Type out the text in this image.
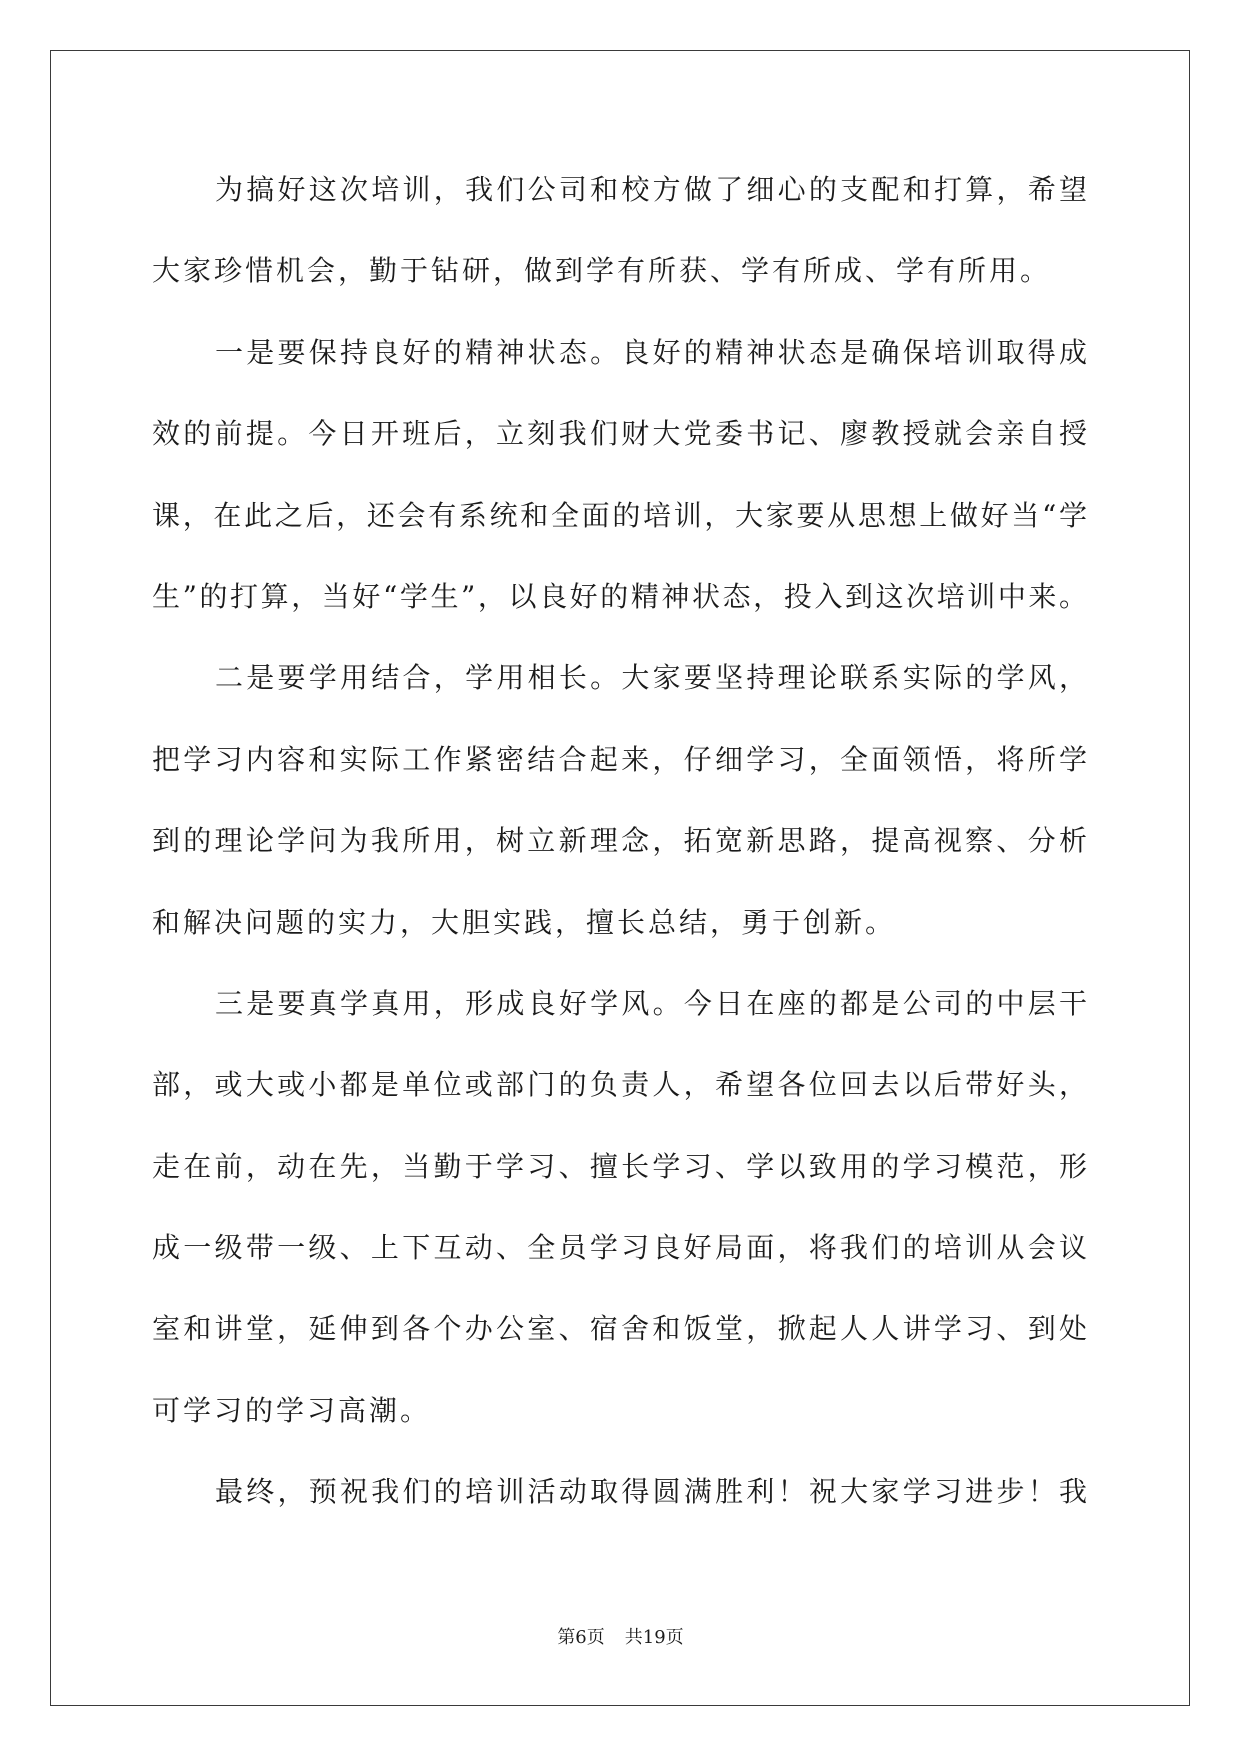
为搞好这次培训，我们公司和校方做了细心的支配和打算，希望
大家珍惜机会，勤于钻研，做到学有所获、学有所成、学有所用。
一是要保持良好的精神状态。良好的精神状态是确保培训取得成
效的前提。今日开班后，立刻我们财大党委书记、廖教授就会亲自授
课，在此之后，还会有系统和全面的培训，大家要从思想上做好当“学
生”的打算，当好“学生”，以良好的精神状态，投入到这次培训中来。
二是要学用结合，学用相长。大家要坚持理论联系实际的学风，
把学习内容和实际工作紧密结合起来，仔细学习，全面领悟，将所学
到的理论学问为我所用，树立新理念，拓宽新思路，提高视察、分析
和解决问题的实力，大胆实践，擅长总结，勇于创新。
三是要真学真用，形成良好学风。今日在座的都是公司的中层干
部，或大或小都是单位或部门的负责人，希望各位回去以后带好头，
走在前，动在先，当勤于学习、擅长学习、学以致用的学习模范，形
成一级带一级、上下互动、全员学习良好局面，将我们的培训从会议
室和讲堂，延伸到各个办公室、宿舍和饭堂，掀起人人讲学习、到处
可学习的学习高潮。
最终，预祝我们的培训活动取得圆满胜利！祝大家学习进步！我
第6页 共19页
